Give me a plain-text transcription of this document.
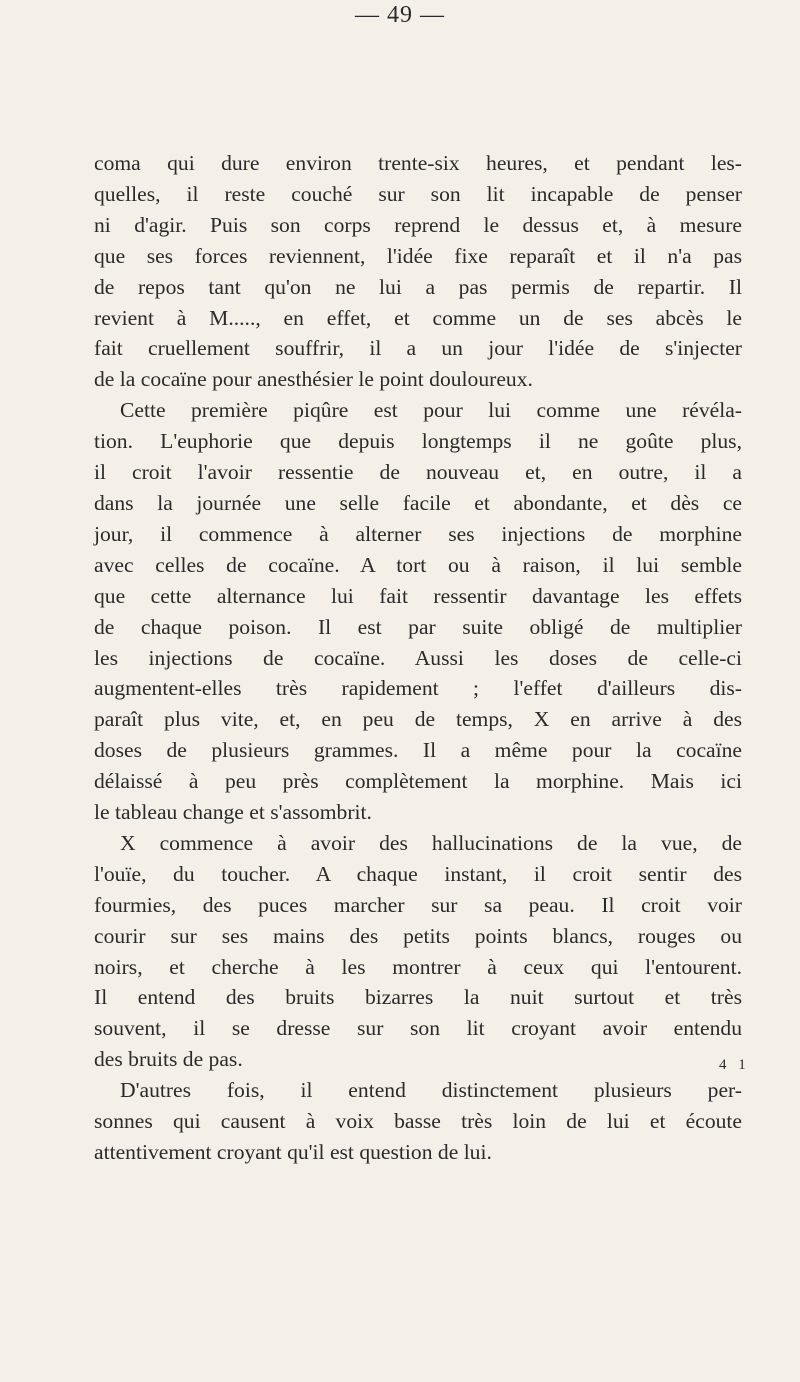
— 49 —
coma qui dure environ trente-six heures, et pendant les-
quelles, il reste couché sur son lit incapable de penser
ni d'agir. Puis son corps reprend le dessus et, à mesure
que ses forces reviennent, l'idée fixe reparaît et il n'a pas
de repos tant qu'on ne lui a pas permis de repartir. Il
revient à M....., en effet, et comme un de ses abcès le
fait cruellement souffrir, il a un jour l'idée de s'injecter
de la cocaïne pour anesthésier le point douloureux.
Cette première piqûre est pour lui comme une révéla-
tion. L'euphorie que depuis longtemps il ne goûte plus,
il croit l'avoir ressentie de nouveau et, en outre, il a
dans la journée une selle facile et abondante, et dès ce
jour, il commence à alterner ses injections de morphine
avec celles de cocaïne. A tort ou à raison, il lui semble
que cette alternance lui fait ressentir davantage les effets
de chaque poison. Il est par suite obligé de multiplier
les injections de cocaïne. Aussi les doses de celle-ci
augmentent-elles très rapidement ; l'effet d'ailleurs dis-
paraît plus vite, et, en peu de temps, X en arrive à des
doses de plusieurs grammes. Il a même pour la cocaïne
délaissé à peu près complètement la morphine. Mais ici
le tableau change et s'assombrit.
X commence à avoir des hallucinations de la vue, de
l'ouïe, du toucher. A chaque instant, il croit sentir des
fourmies, des puces marcher sur sa peau. Il croit voir
courir sur ses mains des petits points blancs, rouges ou
noirs, et cherche à les montrer à ceux qui l'entourent.
Il entend des bruits bizarres la nuit surtout et très
souvent, il se dresse sur son lit croyant avoir entendu
des bruits de pas.
D'autres fois, il entend distinctement plusieurs per-
sonnes qui causent à voix basse très loin de lui et écoute
attentivement croyant qu'il est question de lui.
4 1
